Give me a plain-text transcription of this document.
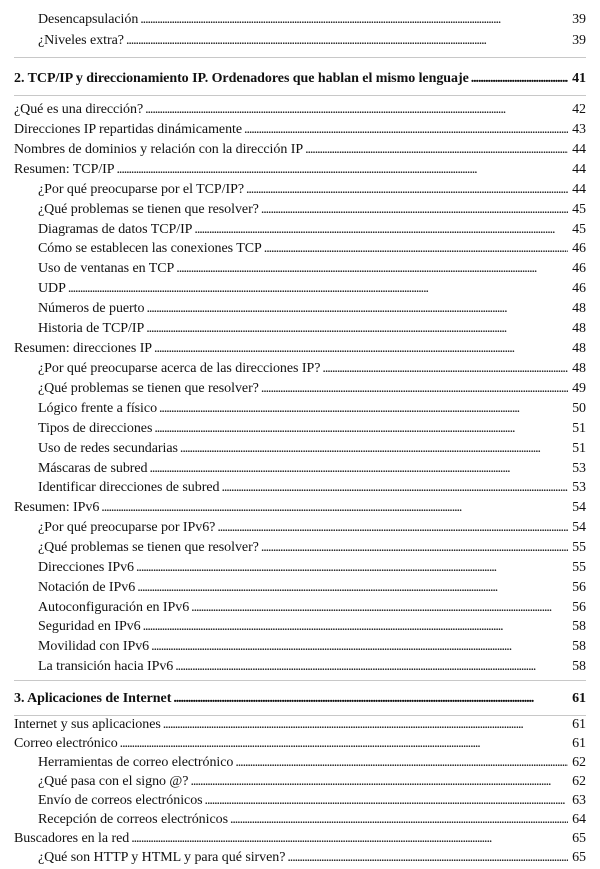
Desencapsulación . . .	39
¿Niveles extra? . . .	39
2. TCP/IP y direccionamiento IP. Ordenadores que hablan el mismo lenguaje . . .	41
¿Qué es una dirección? . . .	42
Direcciones IP repartidas dinámicamente . . .	43
Nombres de dominios y relación con la dirección IP . . .	44
Resumen: TCP/IP . . .	44
¿Por qué preocuparse por el TCP/IP? . . .	44
¿Qué problemas se tienen que resolver? . . .	45
Diagramas de datos TCP/IP . . .	45
Cómo se establecen las conexiones TCP . . .	46
Uso de ventanas en TCP . . .	46
UDP . . .	46
Números de puerto . . .	48
Historia de TCP/IP . . .	48
Resumen: direcciones IP . . .	48
¿Por qué preocuparse acerca de las direcciones IP? . . .	48
¿Qué problemas se tienen que resolver? . . .	49
Lógico frente a físico . . .	50
Tipos de direcciones . . .	51
Uso de redes secundarias . . .	51
Máscaras de subred . . .	53
Identificar direcciones de subred . . .	53
Resumen: IPv6 . . .	54
¿Por qué preocuparse por IPv6? . . .	54
¿Qué problemas se tienen que resolver? . . .	55
Direcciones IPv6 . . .	55
Notación de IPv6 . . .	56
Autoconfiguración en IPv6 . . .	56
Seguridad en IPv6 . . .	58
Movilidad con IPv6 . . .	58
La transición hacia IPv6 . . .	58
3. Aplicaciones de Internet . . .	61
Internet y sus aplicaciones . . .	61
Correo electrónico . . .	61
Herramientas de correo electrónico . . .	62
¿Qué pasa con el signo @? . . .	62
Envío de correos electrónicos . . .	63
Recepción de correos electrónicos . . .	64
Buscadores en la red . . .	65
¿Qué son HTTP y HTML y para qué sirven? . . .	65
